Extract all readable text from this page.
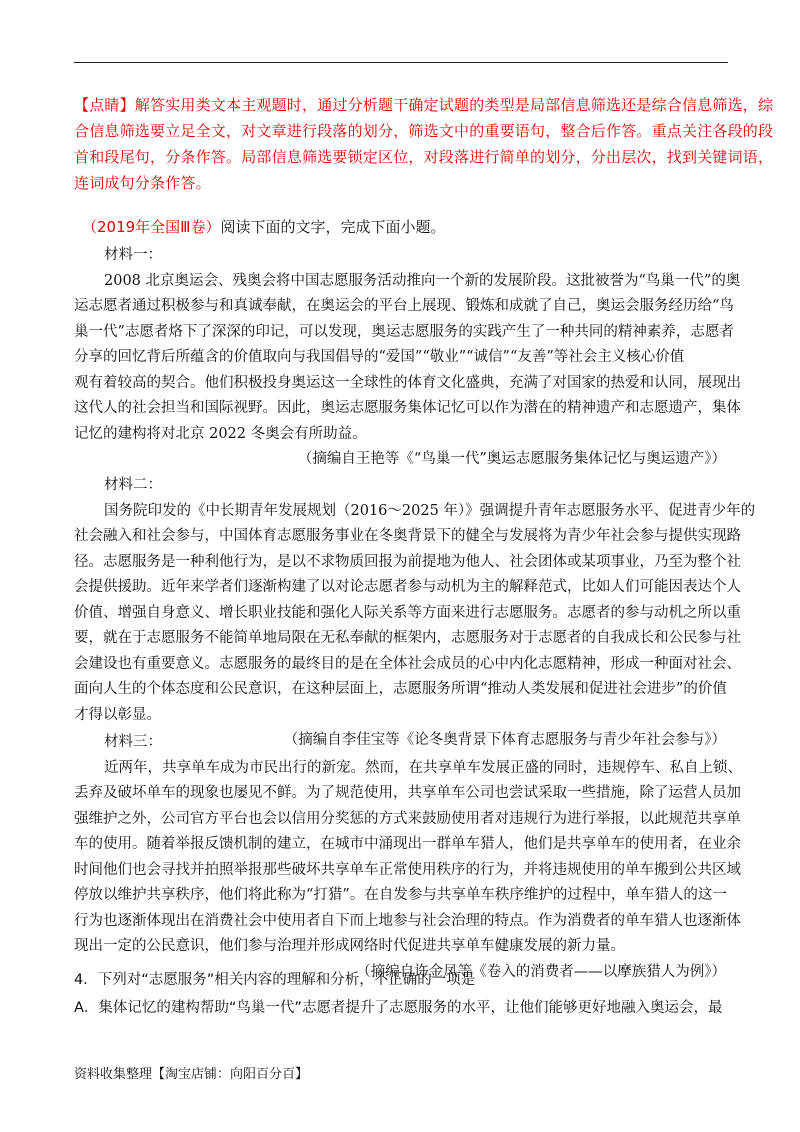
【点睛】解答实用类文本主观题时，通过分析题干确定试题的类型是局部信息筛选还是综合信息筛选，综
合信息筛选要立足全文，对文章进行段落的划分，筛选文中的重要语句，整合后作答。重点关注各段的段
首和段尾句，分条作答。局部信息筛选要锁定区位，对段落进行简单的划分，分出层次，找到关键词语，
连词成句分条作答。
（2019年全国Ⅲ卷）阅读下面的文字，完成下面小题。
材料一：
2008 北京奥运会、残奥会将中国志愿服务活动推向一个新的发展阶段。这批被誉为“鸟巢一代”的奥
运志愿者通过积极参与和真诚奉献，在奥运会的平台上展现、锻炼和成就了自己，奥运会服务经历给“鸟
巢一代”志愿者烙下了深深的印记，可以发现，奥运志愿服务的实践产生了一种共同的精神素养，志愿者
分享的回忆背后所蕴含的价值取向与我国倡导的“爱国”“敬业”“诚信”“友善”等社会主义核心价值
观有着较高的契合。他们积极投身奥运这一全球性的体育文化盛典，充满了对国家的热爱和认同，展现出
这代人的社会担当和国际视野。因此，奥运志愿服务集体记忆可以作为潜在的精神遗产和志愿遗产，集体
记忆的建构将对北京 2022 冬奥会有所助益。
（摘编自王艳等《“鸟巢一代”奥运志愿服务集体记忆与奥运遗产》）
材料二：
国务院印发的《中长期青年发展规划（2016～2025 年）》强调提升青年志愿服务水平、促进青少年的
社会融入和社会参与，中国体育志愿服务事业在冬奥背景下的健全与发展将为青少年社会参与提供实现路
径。志愿服务是一种利他行为，是以不求物质回报为前提地为他人、社会团体或某项事业，乃至为整个社
会提供援助。近年来学者们逐渐构建了以对论志愿者参与动机为主的解释范式，比如人们可能因表达个人
价值、增强自身意义、增长职业技能和强化人际关系等方面来进行志愿服务。志愿者的参与动机之所以重
要，就在于志愿服务不能简单地局限在无私奉献的框架内，志愿服务对于志愿者的自我成长和公民参与社
会建设也有重要意义。志愿服务的最终目的是在全体社会成员的心中内化志愿精神，形成一种面对社会、
面向人生的个体态度和公民意识，在这种层面上，志愿服务所谓“推动人类发展和促进社会进步”的价值
才得以彰显。
（摘编自李佳宝等《论冬奥背景下体育志愿服务与青少年社会参与》）
材料三：
近两年，共享单车成为市民出行的新宠。然而，在共享单车发展正盛的同时，违规停车、私自上锁、
丢弃及破坏单车的现象也屡见不鲜。为了规范使用，共享单车公司也尝试采取一些措施，除了运营人员加
强维护之外，公司官方平台也会以信用分奖惩的方式来鼓励使用者对违规行为进行举报，以此规范共享单
车的使用。随着举报反馈机制的建立，在城市中涌现出一群单车猎人，他们是共享单车的使用者，在业余
时间他们也会寻找并拍照举报那些破坏共享单车正常使用秩序的行为，并将违规使用的单车搬到公共区域
停放以维护共享秩序，他们将此称为“打猎”。在自发参与共享单车秩序维护的过程中，单车猎人的这一
行为也逐渐体现出在消费社会中使用者自下而上地参与社会治理的特点。作为消费者的单车猎人也逐渐体
现出一定的公民意识，他们参与治理并形成网络时代促进共享单车健康发展的新力量。
（摘编自许金凤等《卷入的消费者——以摩族猎人为例》）
4．下列对“志愿服务”相关内容的理解和分析，不正确的一项是
A．集体记忆的建构帮助“鸟巢一代”志愿者提升了志愿服务的水平，让他们能够更好地融入奥运会，最
资料收集整理【淘宝店铺：向阳百分百】
